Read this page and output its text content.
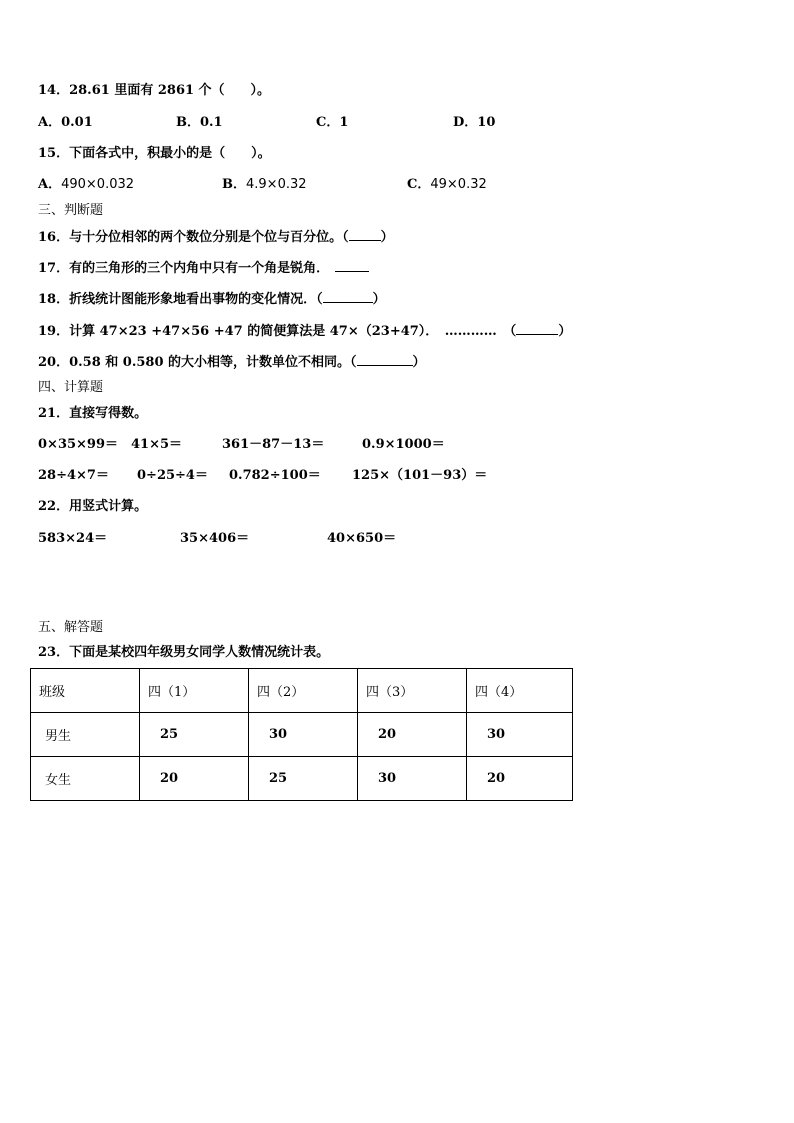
14．28.61 里面有 2861 个（　　）。
A．0.01	B．0.1	C．1	D．10
15．下面各式中，积最小的是（　　）。
A．490×0.032	B．4.9×0.32	C．49×0.32
三、判断题
16．与十分位相邻的两个数位分别是个位与百分位。（ ）
17．有的三角形的三个内角中只有一个角是锐角．
18．折线统计图能形象地看出事物的变化情况．（	）
19．计算 47×23 +47×56 +47 的简便算法是 47×（23+47）．　…………　（	）
20．0.58 和 0.580 的大小相等，计数单位不相同。（	）
四、计算题
21．直接写得数。
0×35×99＝ 41×5＝	361－87－13＝	0.9×1000＝
28÷4×7＝ 0÷25÷4＝ 0.782÷100＝ 125×（101－93）＝
22．用竖式计算。
583×24＝	35×406＝	40×650＝
五、解答题
23．下面是某校四年级男女同学人数情况统计表。
班级	四（1）	四（2）	四（3）	四（4）
男生	25	30	20	30
女生	20	25	30	20
